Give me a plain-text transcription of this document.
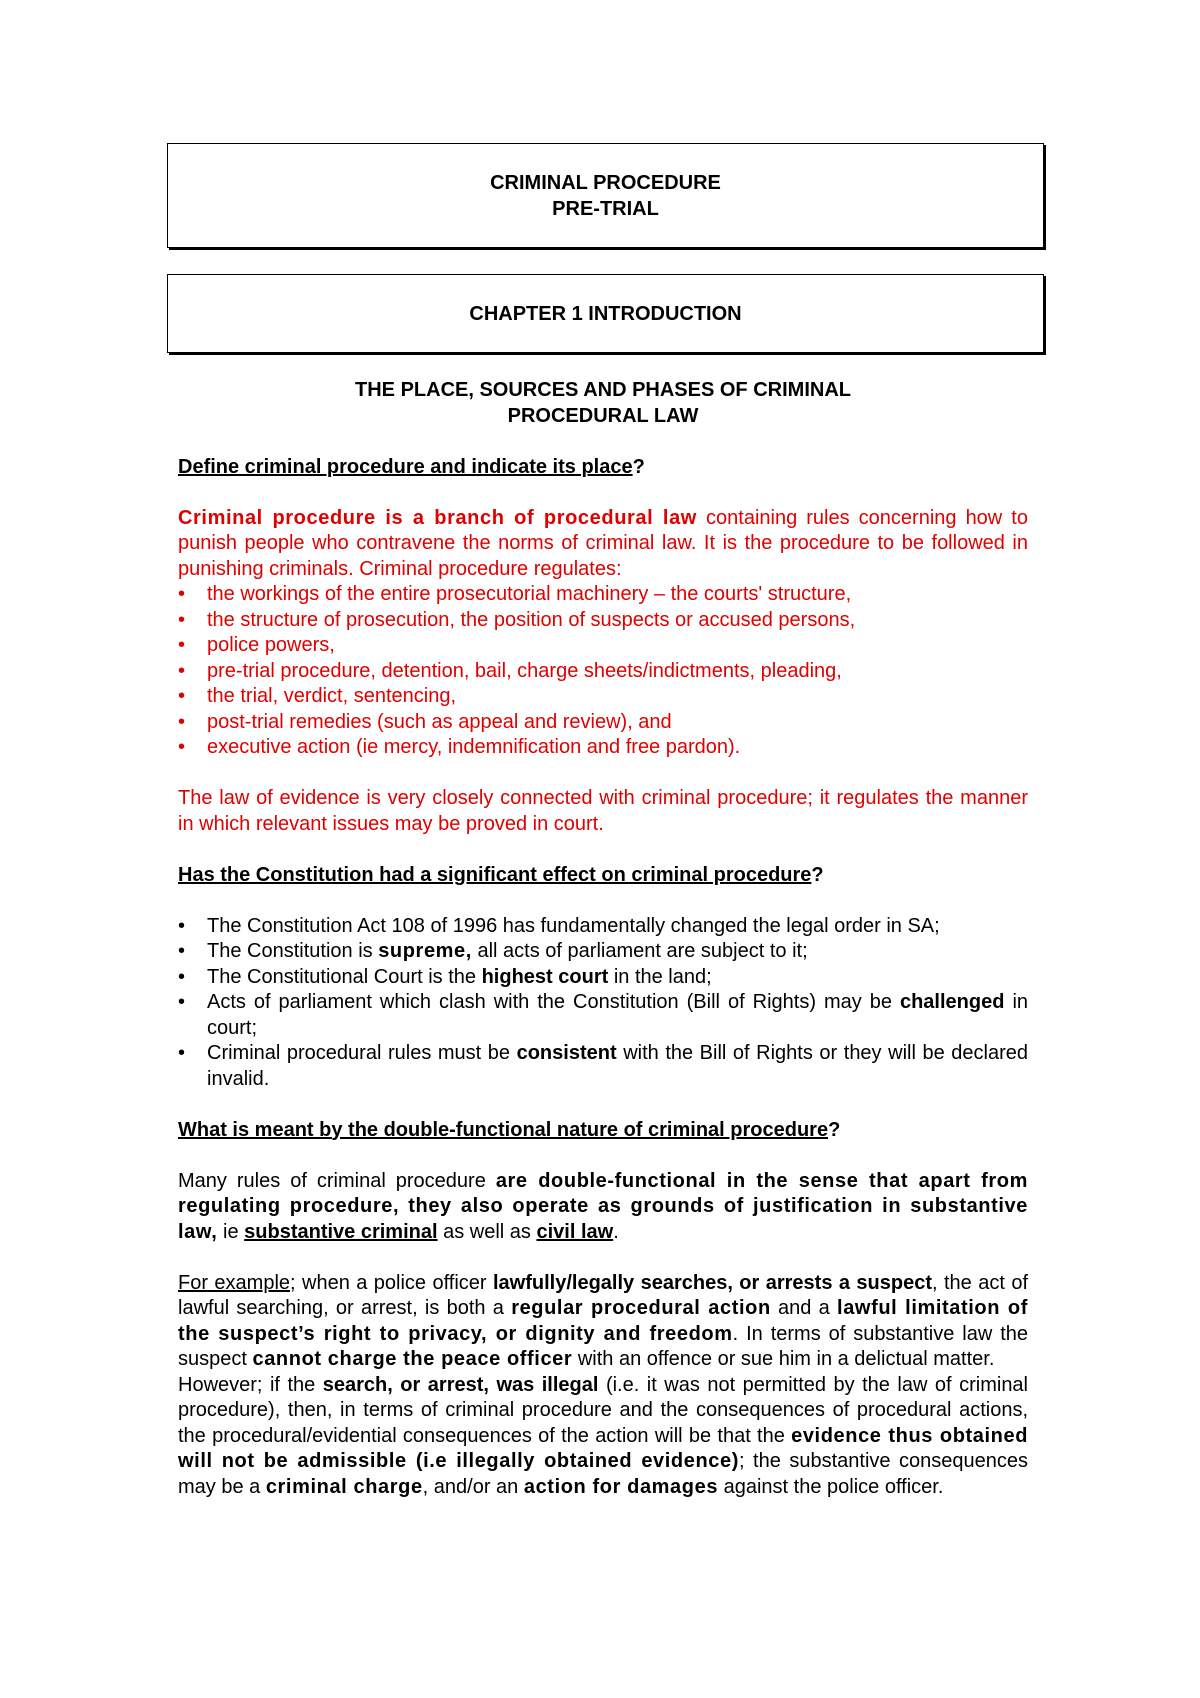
CRIMINAL PROCEDURE
PRE-TRIAL
CHAPTER 1 INTRODUCTION
THE PLACE, SOURCES AND PHASES OF CRIMINAL
PROCEDURAL LAW

Define criminal procedure and indicate its place?

Criminal procedure is a branch of procedural law containing rules concerning how to punish people who contravene the norms of criminal law. It is the procedure to be followed in punishing criminals. Criminal procedure regulates:

• the workings of the entire prosecutorial machinery – the courts' structure,
• the structure of prosecution, the position of suspects or accused persons,
• police powers,
• pre-trial procedure, detention, bail, charge sheets/indictments, pleading,
• the trial, verdict, sentencing,
• post-trial remedies (such as appeal and review), and
• executive action (ie mercy, indemnification and free pardon).

The law of evidence is very closely connected with criminal procedure; it regulates the manner in which relevant issues may be proved in court.

Has the Constitution had a significant effect on criminal procedure?

• The Constitution Act 108 of 1996 has fundamentally changed the legal order in SA;
• The Constitution is supreme, all acts of parliament are subject to it;
• The Constitutional Court is the highest court in the land;
• Acts of parliament which clash with the Constitution (Bill of Rights) may be challenged in court;
• Criminal procedural rules must be consistent with the Bill of Rights or they will be declared invalid.

What is meant by the double-functional nature of criminal procedure?

Many rules of criminal procedure are double-functional in the sense that apart from regulating procedure, they also operate as grounds of justification in substantive law, ie substantive criminal as well as civil law.

For example; when a police officer lawfully/legally searches, or arrests a suspect, the act of lawful searching, or arrest, is both a regular procedural action and a lawful limitation of the suspect’s right to privacy, or dignity and freedom. In terms of substantive law the suspect cannot charge the peace officer with an offence or sue him in a delictual matter.

However; if the search, or arrest, was illegal (i.e. it was not permitted by the law of criminal procedure), then, in terms of criminal procedure and the consequences of procedural actions, the procedural/evidential consequences of the action will be that the evidence thus obtained will not be admissible (i.e illegally obtained evidence); the substantive consequences may be a criminal charge, and/or an action for damages against the police officer.
